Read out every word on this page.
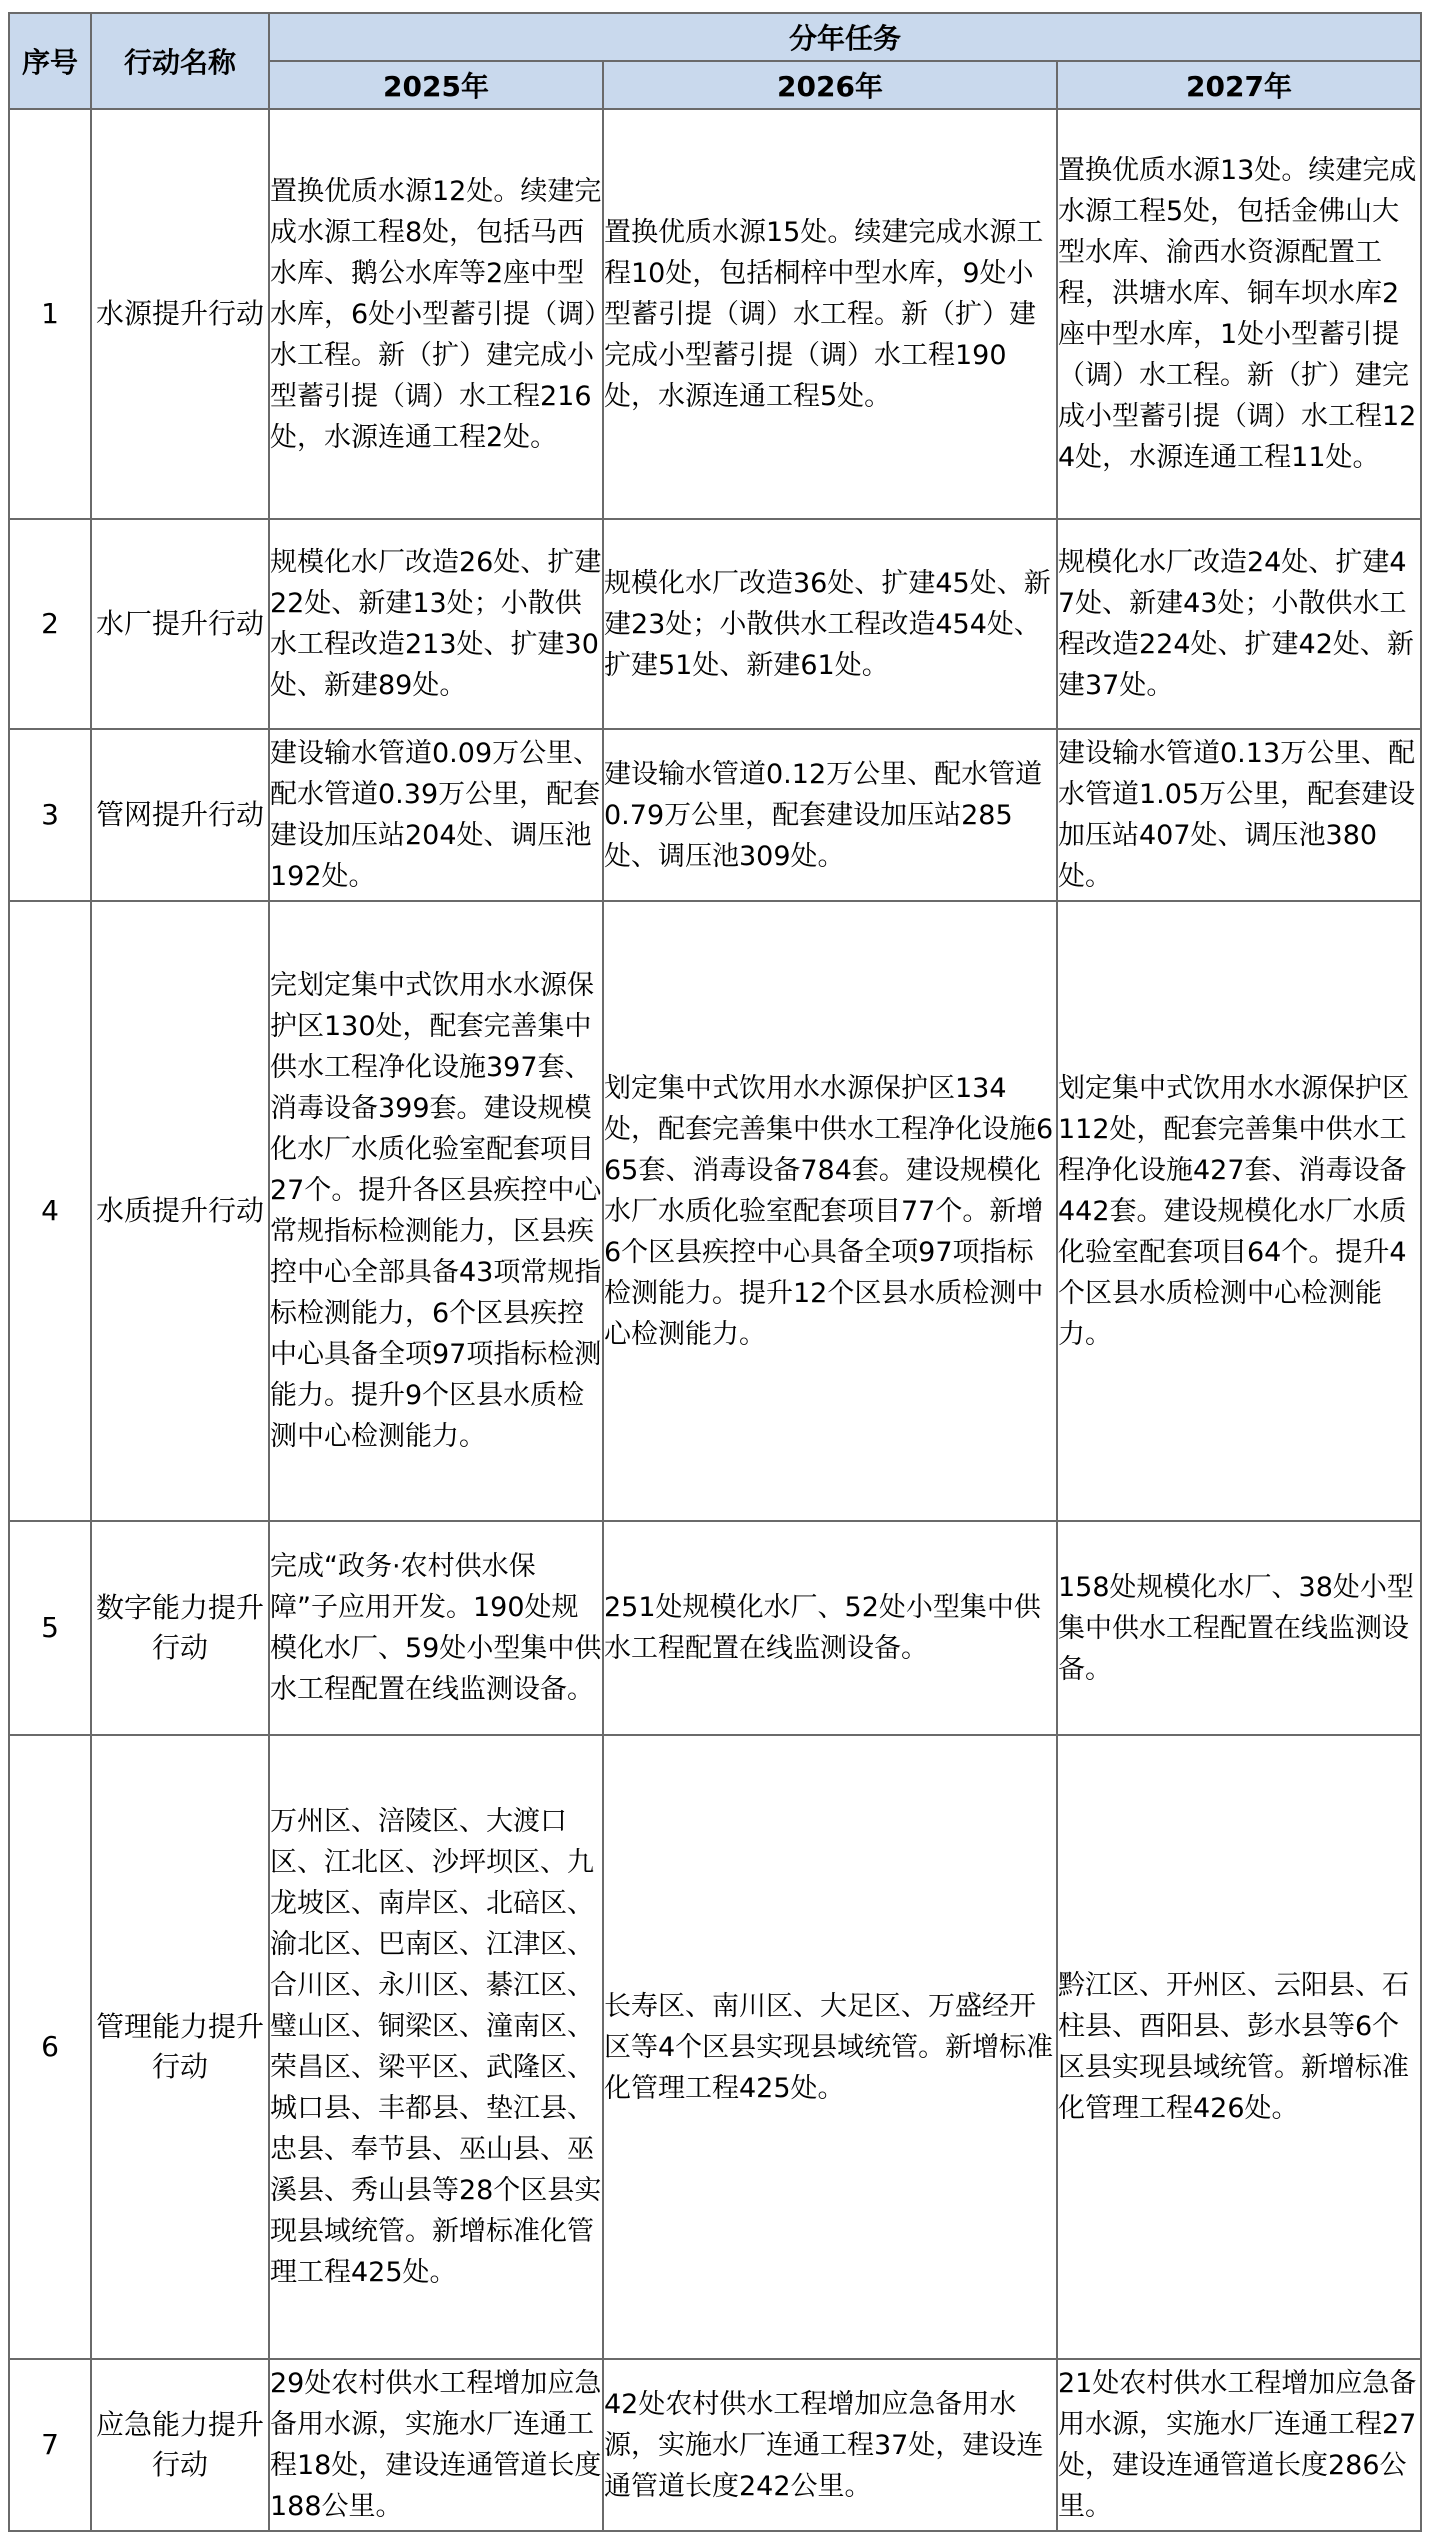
序号	行动名称	分年任务		
		2025年	2026年	2027年
1	水源提升行动	置换优质水源12处。续建完成水源工程8处，包括马西水库、鹅公水库等2座中型水库，6处小型蓄引提（调）水工程。新（扩）建完成小型蓄引提（调）水工程216处，水源连通工程2处。	置换优质水源15处。续建完成水源工程10处，包括桐梓中型水库，9处小型蓄引提（调）水工程。新（扩）建完成小型蓄引提（调）水工程190处，水源连通工程5处。	置换优质水源13处。续建完成水源工程5处，包括金佛山大型水库、渝西水资源配置工程，洪塘水库、铜车坝水库2座中型水库，1处小型蓄引提（调）水工程。新（扩）建完成小型蓄引提（调）水工程124处，水源连通工程11处。
2	水厂提升行动	规模化水厂改造26处、扩建22处、新建13处；小散供水工程改造213处、扩建30处、新建89处。	规模化水厂改造36处、扩建45处、新建23处；小散供水工程改造454处、扩建51处、新建61处。	规模化水厂改造24处、扩建47处、新建43处；小散供水工程改造224处、扩建42处、新建37处。
3	管网提升行动	建设输水管道0.09万公里、配水管道0.39万公里，配套建设加压站204处、调压池192处。	建设输水管道0.12万公里、配水管道0.79万公里，配套建设加压站285处、调压池309处。	建设输水管道0.13万公里、配水管道1.05万公里，配套建设加压站407处、调压池380处。
4	水质提升行动	完划定集中式饮用水水源保护区130处，配套完善集中供水工程净化设施397套、消毒设备399套。建设规模化水厂水质化验室配套项目27个。提升各区县疾控中心常规指标检测能力，区县疾控中心全部具备43项常规指标检测能力，6个区县疾控中心具备全项97项指标检测能力。提升9个区县水质检测中心检测能力。	划定集中式饮用水水源保护区134处，配套完善集中供水工程净化设施665套、消毒设备784套。建设规模化水厂水质化验室配套项目77个。新增6个区县疾控中心具备全项97项指标检测能力。提升12个区县水质检测中心检测能力。	划定集中式饮用水水源保护区112处，配套完善集中供水工程净化设施427套、消毒设备442套。建设规模化水厂水质化验室配套项目64个。提升4个区县水质检测中心检测能力。
5	数字能力提升行动	完成“政务·农村供水保障”子应用开发。190处规模化水厂、59处小型集中供水工程配置在线监测设备。	251处规模化水厂、52处小型集中供水工程配置在线监测设备。	158处规模化水厂、38处小型集中供水工程配置在线监测设备。
6	管理能力提升行动	万州区、涪陵区、大渡口区、江北区、沙坪坝区、九龙坡区、南岸区、北碚区、渝北区、巴南区、江津区、合川区、永川区、綦江区、璧山区、铜梁区、潼南区、荣昌区、梁平区、武隆区、城口县、丰都县、垫江县、忠县、奉节县、巫山县、巫溪县、秀山县等28个区县实现县域统管。新增标准化管理工程425处。	长寿区、南川区、大足区、万盛经开区等4个区县实现县域统管。新增标准化管理工程425处。	黔江区、开州区、云阳县、石柱县、酉阳县、彭水县等6个区县实现县域统管。新增标准化管理工程426处。
7	应急能力提升行动	29处农村供水工程增加应急备用水源，实施水厂连通工程18处，建设连通管道长度188公里。	42处农村供水工程增加应急备用水源，实施水厂连通工程37处，建设连通管道长度242公里。	21处农村供水工程增加应急备用水源，实施水厂连通工程27处，建设连通管道长度286公里。
